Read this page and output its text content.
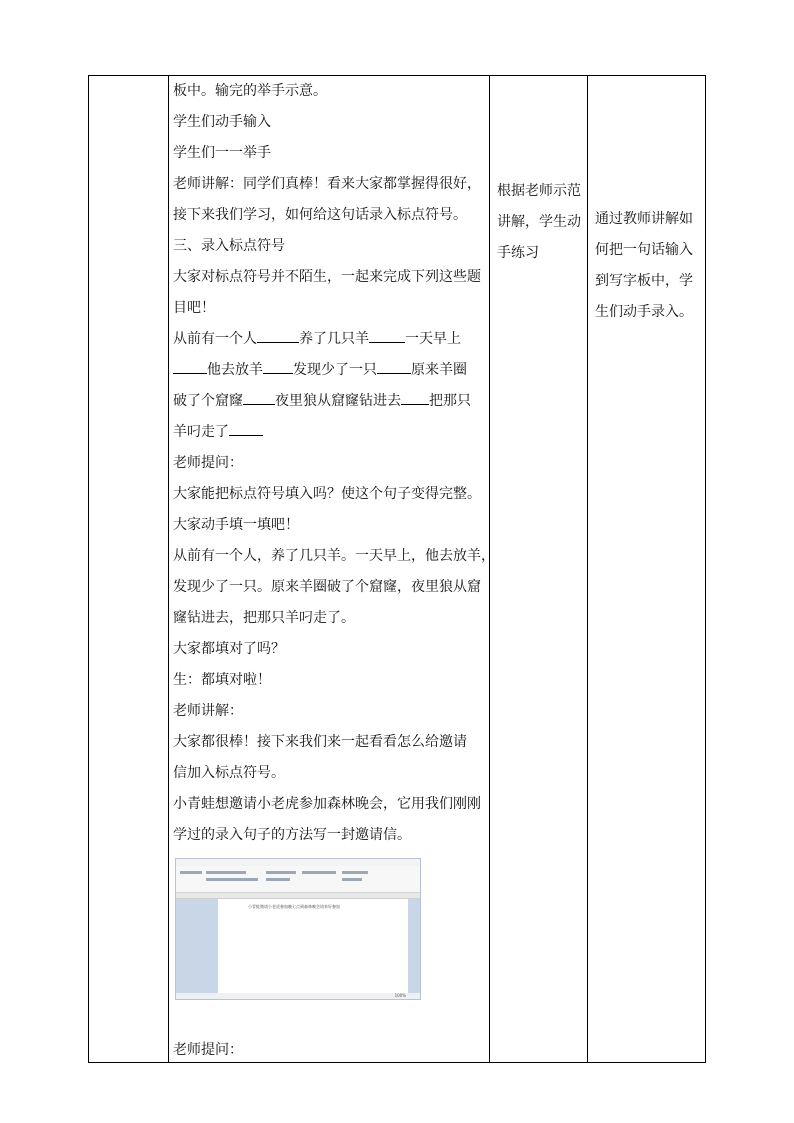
板中。输完的举手示意。
学生们动手输入
学生们一一举手
老师讲解：同学们真棒！看来大家都掌握得很好，
接下来我们学习，如何给这句话录入标点符号。
三、录入标点符号
大家对标点符号并不陌生，一起来完成下列这些题
目吧！
从前有一个人	养了几只羊	一天早上
他去放羊 发现少了一只 原来羊圈
破了个窟窿 夜里狼从窟窿钻进去 把那只
羊叼走了
老师提问：
大家能把标点符号填入吗？使这个句子变得完整。
大家动手填一填吧！
从前有一个人，养了几只羊。一天早上，他去放羊，
发现少了一只。原来羊圈破了个窟窿，夜里狼从窟
窿钻进去，把那只羊叼走了。
大家都填对了吗？
生：都填对啦！
老师讲解：
大家都很棒！接下来我们来一起看看怎么给邀请
信加入标点符号。
小青蛙想邀请小老虎参加森林晚会，它用我们刚刚
学过的录入句子的方法写一封邀请信。
小青蛙邀请小老虎参加晚七点到森林晚会请来好参加
100%
老师提问：
根据老师示范
讲解，学生动
手练习
通过教师讲解如
何把一句话输入
到写字板中，学
生们动手录入。
